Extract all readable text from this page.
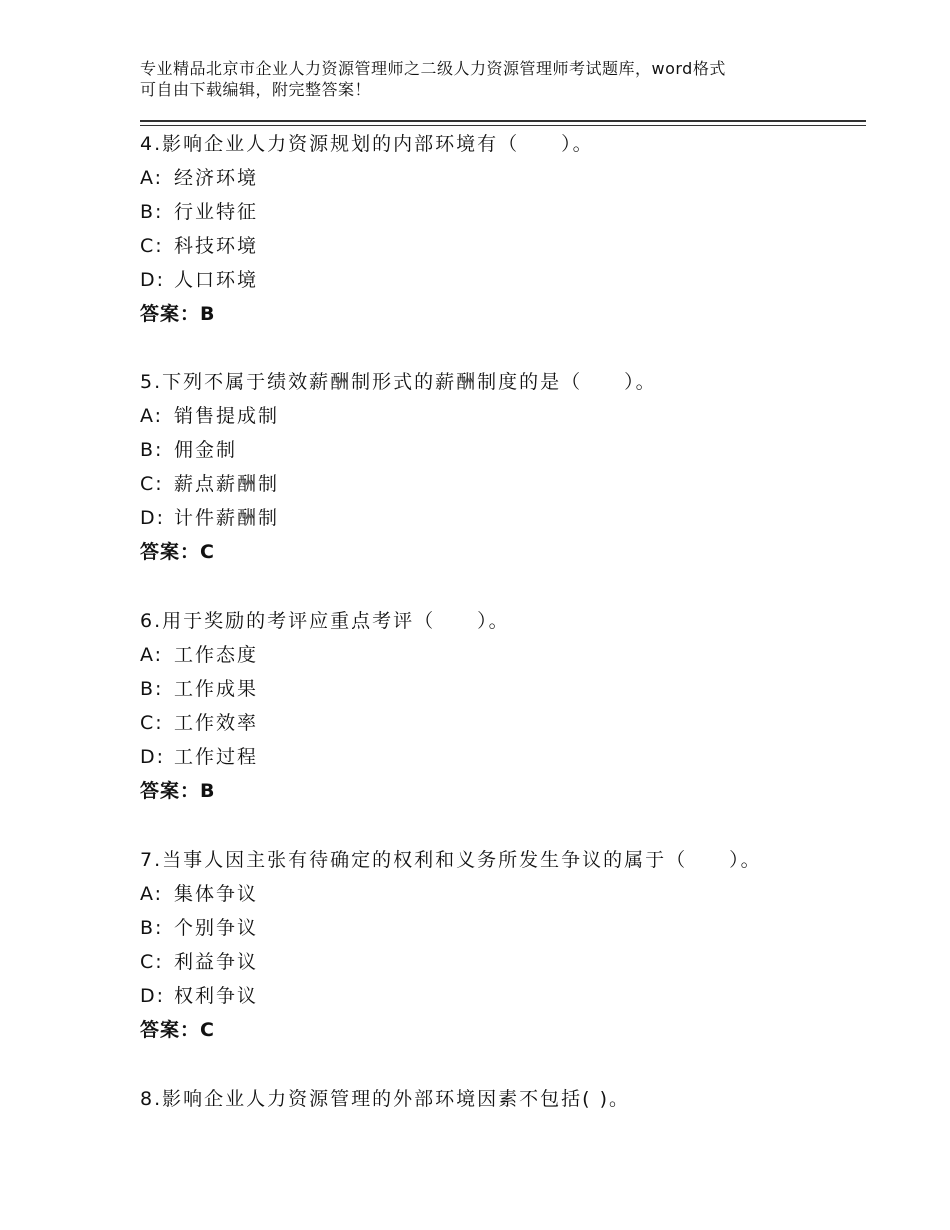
专业精品北京市企业人力资源管理师之二级人力资源管理师考试题库，word格式
可自由下载编辑，附完整答案！
4.影响企业人力资源规划的内部环境有（　　）。
A: 经济环境
B: 行业特征
C: 科技环境
D: 人口环境
答案：B
5.下列不属于绩效薪酬制形式的薪酬制度的是（　　）。
A: 销售提成制
B: 佣金制
C: 薪点薪酬制
D: 计件薪酬制
答案：C
6.用于奖励的考评应重点考评（　　）。
A: 工作态度
B: 工作成果
C: 工作效率
D: 工作过程
答案：B
7.当事人因主张有待确定的权利和义务所发生争议的属于（　　）。
A: 集体争议
B: 个别争议
C: 利益争议
D: 权利争议
答案：C
8.影响企业人力资源管理的外部环境因素不包括( )。
